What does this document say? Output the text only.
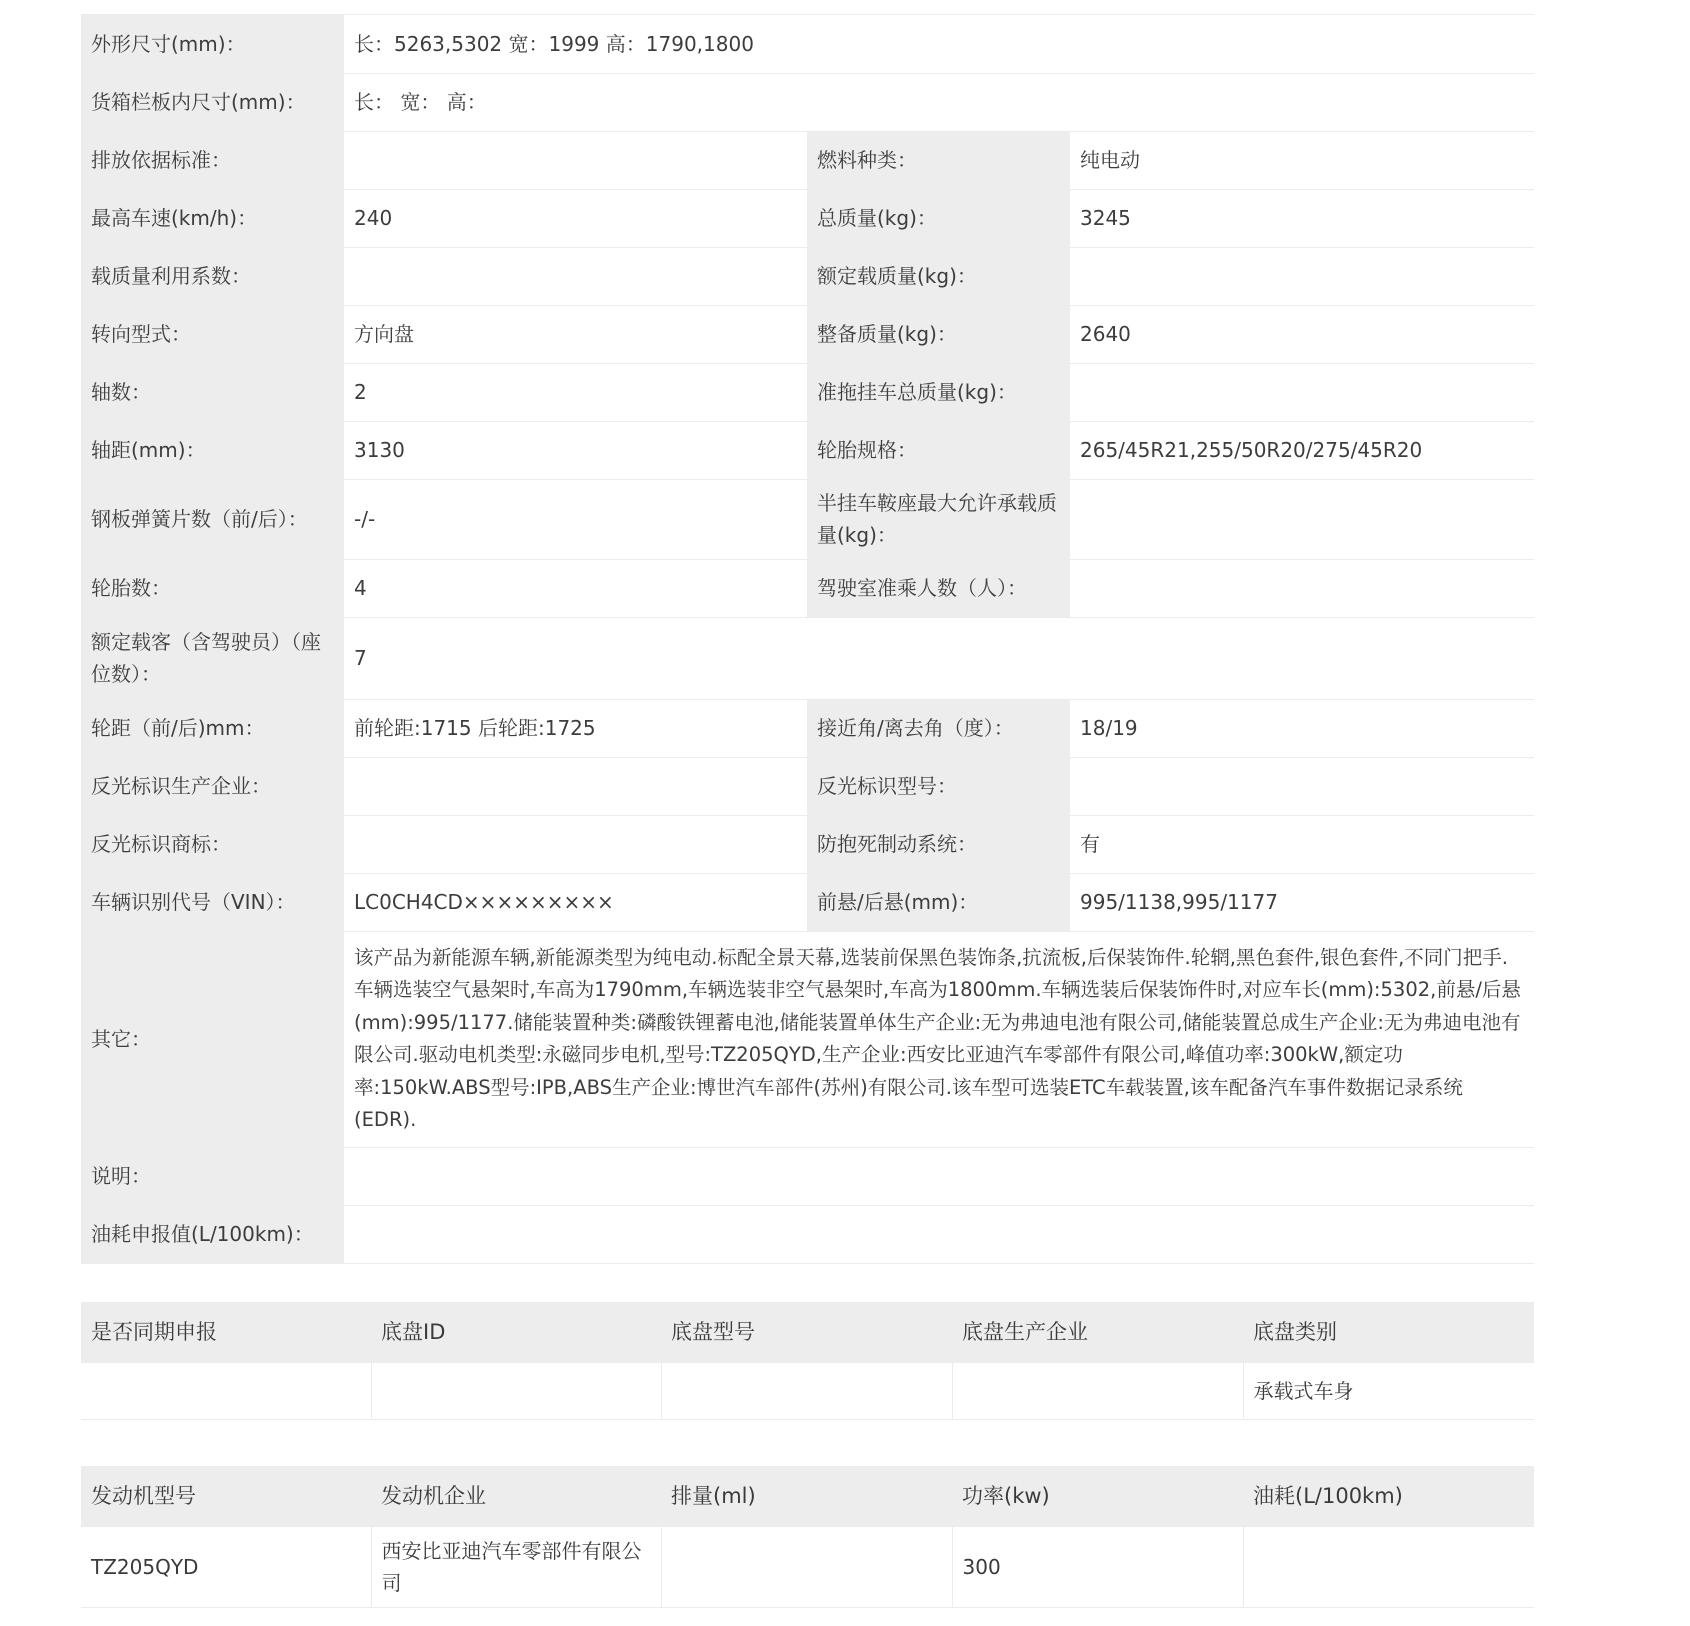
外形尺寸(mm)：	长：5263,5302 宽：1999 高：1790,1800		
货箱栏板内尺寸(mm)：	长： 宽： 高：		
排放依据标准：		燃料种类：	纯电动
最高车速(km/h)：	240	总质量(kg)：	3245
载质量利用系数：		额定载质量(kg)：	
转向型式：	方向盘	整备质量(kg)：	2640
轴数：	2	准拖挂车总质量(kg)：	
轴距(mm)：	3130	轮胎规格：	265/45R21,255/50R20/275/45R20
钢板弹簧片数（前/后）：	-/-	半挂车鞍座最大允许承载质量(kg)：	
轮胎数：	4	驾驶室准乘人数（人）：	
额定载客（含驾驶员）（座位数）：	7		
轮距（前/后)mm：	前轮距:1715 后轮距:1725	接近角/离去角（度）：	18/19
反光标识生产企业：		反光标识型号：	
反光标识商标：		防抱死制动系统：	有
车辆识别代号（VIN）：	LC0CH4CD×××××××××	前悬/后悬(mm)：	995/1138,995/1177
其它：	该产品为新能源车辆,新能源类型为纯电动.标配全景天幕,选装前保黑色装饰条,抗流板,后保装饰件.轮辋,黑色套件,银色套件,不同门把手.车辆选装空气悬架时,车高为1790mm,车辆选装非空气悬架时,车高为1800mm.车辆选装后保装饰件时,对应车长(mm):5302,前悬/后悬(mm):995/1177.储能装置种类:磷酸铁锂蓄电池,储能装置单体生产企业:无为弗迪电池有限公司,储能装置总成生产企业:无为弗迪电池有限公司.驱动电机类型:永磁同步电机,型号:TZ205QYD,生产企业:西安比亚迪汽车零部件有限公司,峰值功率:300kW,额定功率:150kW.ABS型号:IPB,ABS生产企业:博世汽车部件(苏州)有限公司.该车型可选装ETC车载装置,该车配备汽车事件数据记录系统(EDR).		
说明：			
油耗申报值(L/100km)：			
是否同期申报	底盘ID	底盘型号	底盘生产企业	底盘类别
				承载式车身
发动机型号	发动机企业	排量(ml)	功率(kw)	油耗(L/100km)
TZ205QYD	西安比亚迪汽车零部件有限公司		300	
